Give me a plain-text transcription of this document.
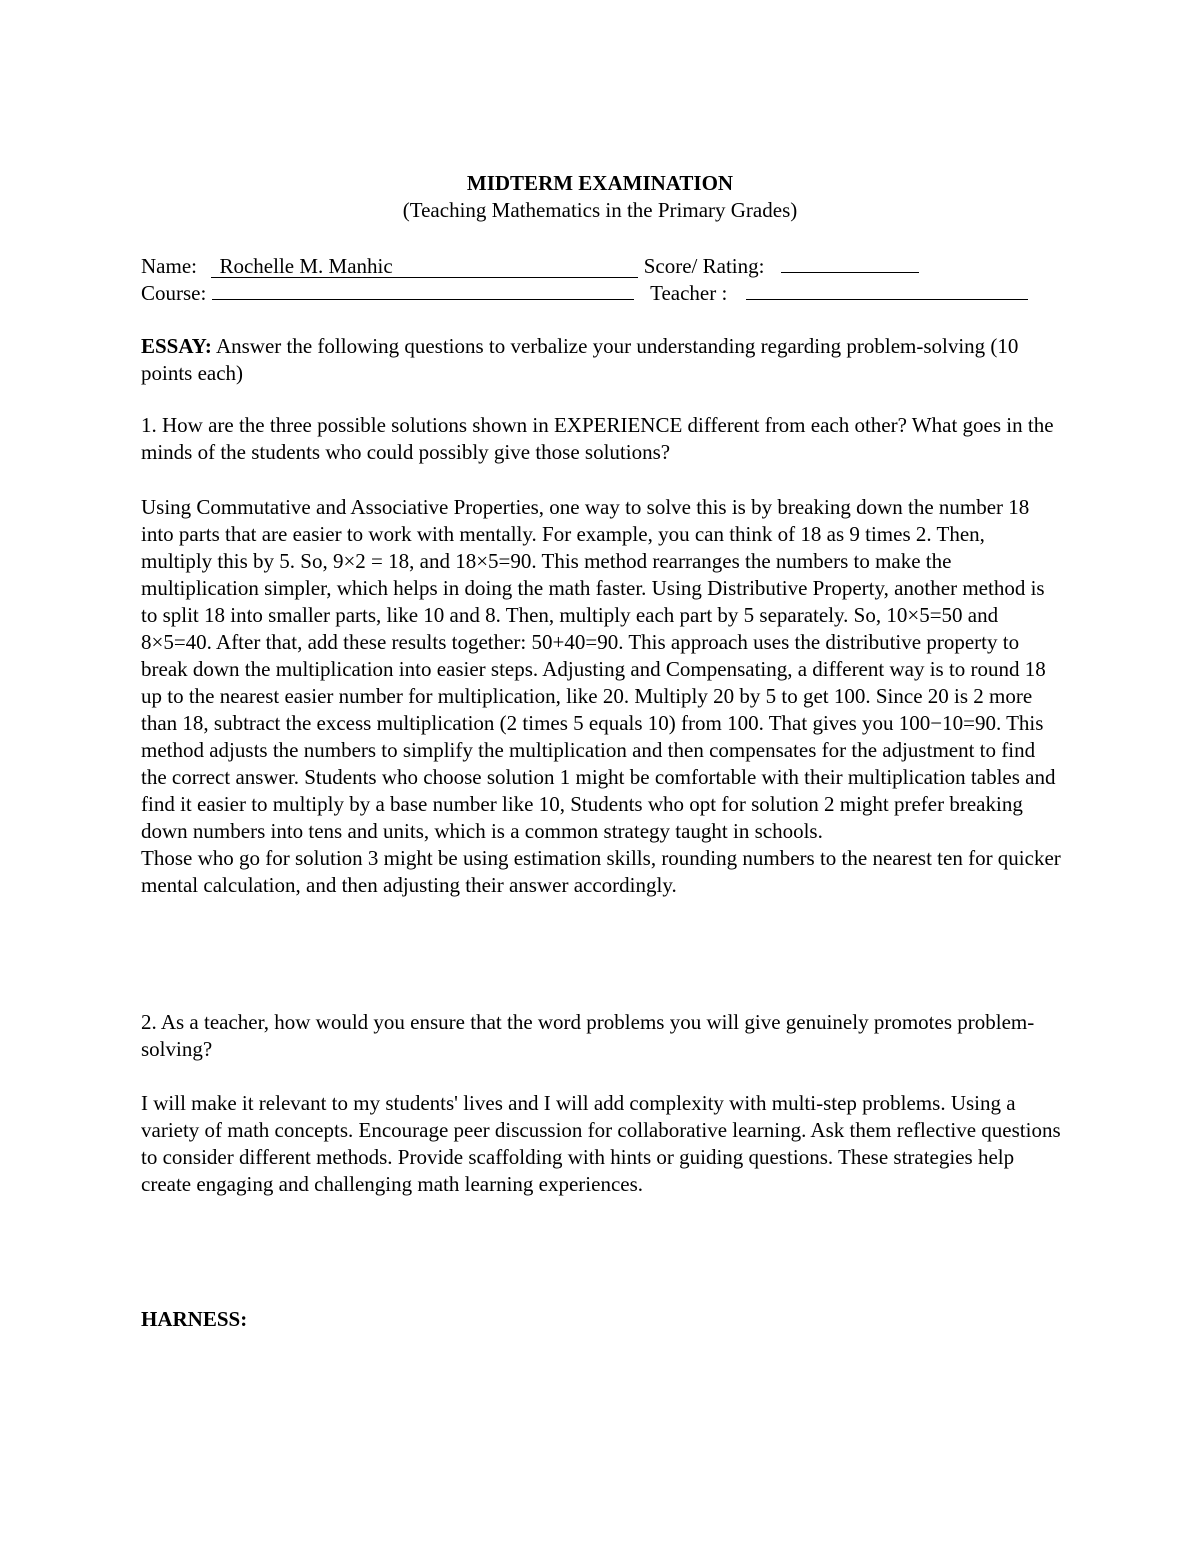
MIDTERM EXAMINATION
(Teaching Mathematics in the Primary Grades)
Name: Rochelle M. Manhic	Score/ Rating:
Course:	Teacher :
ESSAY: Answer the following questions to verbalize your understanding regarding problem-solving (10 points each)
1. How are the three possible solutions shown in EXPERIENCE different from each other? What goes in the minds of the students who could possibly give those solutions?

Using Commutative and Associative Properties, one way to solve this is by breaking down the number 18 into parts that are easier to work with mentally. For example, you can think of 18 as 9 times 2. Then, multiply this by 5. So, 9×2 = 18, and 18×5=90. This method rearranges the numbers to make the multiplication simpler, which helps in doing the math faster. Using Distributive Property, another method is to split 18 into smaller parts, like 10 and 8. Then, multiply each part by 5 separately. So, 10×5=50 and 8×5=40. After that, add these results together: 50+40=90. This approach uses the distributive property to break down the multiplication into easier steps. Adjusting and Compensating, a different way is to round 18 up to the nearest easier number for multiplication, like 20. Multiply 20 by 5 to get 100. Since 20 is 2 more than 18, subtract the excess multiplication (2 times 5 equals 10) from 100. That gives you 100−10=90. This method adjusts the numbers to simplify the multiplication and then compensates for the adjustment to find the correct answer. Students who choose solution 1 might be comfortable with their multiplication tables and find it easier to multiply by a base number like 10, Students who opt for solution 2 might prefer breaking down numbers into tens and units, which is a common strategy taught in schools.

Those who go for solution 3 might be using estimation skills, rounding numbers to the nearest ten for quicker mental calculation, and then adjusting their answer accordingly.

2. As a teacher, how would you ensure that the word problems you will give genuinely promotes problem-solving?
I will make it relevant to my students' lives and I will add complexity with multi-step problems. Using a variety of math concepts. Encourage peer discussion for collaborative learning. Ask them reflective questions to consider different methods. Provide scaffolding with hints or guiding questions. These strategies help create engaging and challenging math learning experiences.
HARNESS:
